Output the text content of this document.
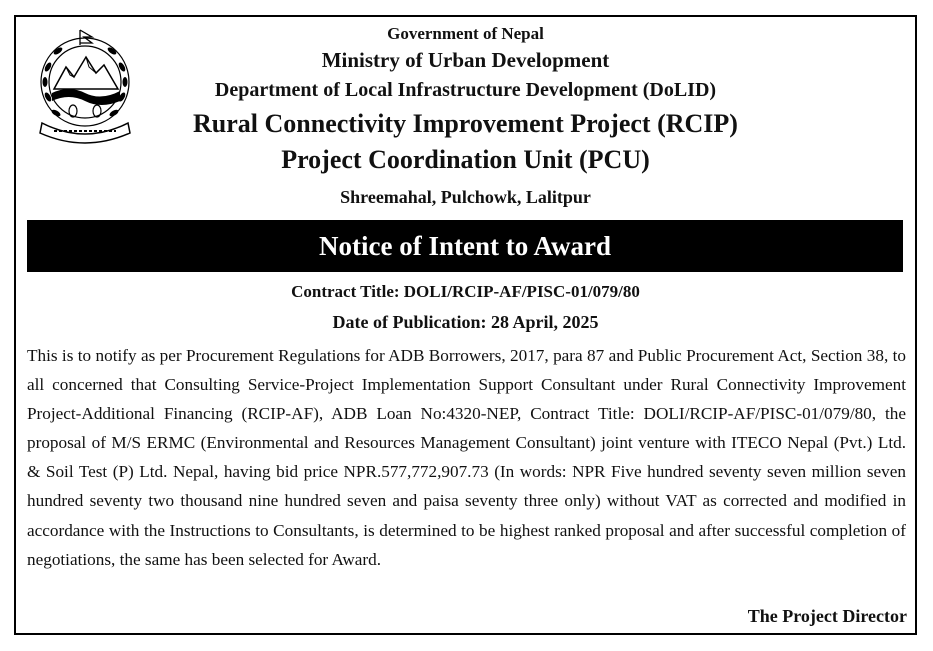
Government of Nepal
Ministry of Urban Development
Department of Local Infrastructure Development (DoLID)
Rural Connectivity Improvement Project (RCIP)
Project Coordination Unit (PCU)
Shreemahal, Pulchowk, Lalitpur
Notice of Intent to Award
Contract Title: DOLI/RCIP-AF/PISC-01/079/80
Date of Publication: 28 April, 2025

This is to notify as per Procurement Regulations for ADB Borrowers, 2017, para 87 and Public Procurement Act, Section 38, to all concerned that Consulting Service-Project Implementation Support Consultant under Rural Connectivity Improvement Project-Additional Financing (RCIP-AF), ADB Loan No:4320-NEP, Contract Title: DOLI/RCIP-AF/PISC-01/079/80, the proposal of M/S ERMC (Environmental and Resources Management Consultant) joint venture with ITECO Nepal (Pvt.) Ltd. & Soil Test (P) Ltd. Nepal, having bid price NPR.577,772,907.73 (In words: NPR Five hundred seventy seven million seven hundred seventy two thousand nine hundred seven and paisa seventy three only) without VAT as corrected and modified in accordance with the Instructions to Consultants, is determined to be highest ranked proposal and after successful completion of negotiations, the same has been selected for Award.

The Project Director
